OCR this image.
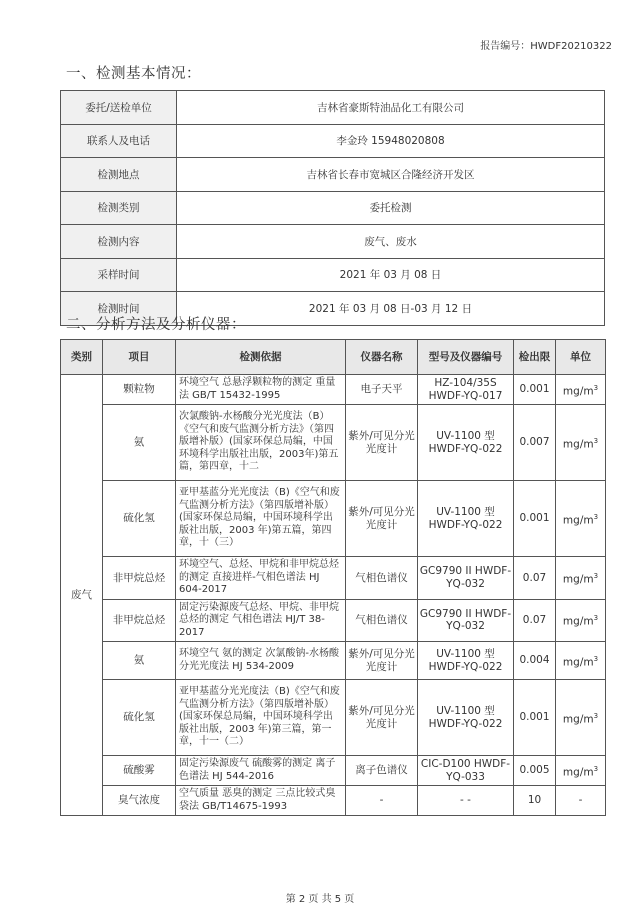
报告编号：HWDF20210322
一、检测基本情况：
委托/送检单位	吉林省豪斯特油品化工有限公司
联系人及电话	李金玲 15948020808
检测地点	吉林省长春市宽城区合隆经济开发区
检测类别	委托检测
检测内容	废气、废水
采样时间	2021 年 03 月 08 日
检测时间	2021 年 03 月 08 日-03 月 12 日
二、分析方法及分析仪器：
类别	项目	检测依据	仪器名称	型号及仪器编号	检出限	单位
废气	颗粒物	环境空气 总悬浮颗粒物的测定 重量法 GB/T 15432-1995	电子天平	HZ-104/35S HWDF-YQ-017	0.001	$mg/m^3$
	氨	次氯酸钠-水杨酸分光光度法（B）《空气和废气监测分析方法》（第四版增补版）(国家环保总局编，中国环境科学出版社出版，2003年)第五篇，第四章，十二	紫外/可见分光光度计	UV-1100 型 HWDF-YQ-022	0.007	$mg/m^3$
	硫化氢	亚甲基蓝分光光度法（B)《空气和废气监测分析方法》（第四版增补版）(国家环保总局编，中国环境科学出版社出版，2003 年)第五篇，第四章，十（三）	紫外/可见分光光度计	UV-1100 型 HWDF-YQ-022	0.001	$mg/m^3$
	非甲烷总烃	环境空气、总烃、甲烷和非甲烷总烃的测定 直接进样-气相色谱法 HJ 604-2017	气相色谱仪	GC9790 II HWDF-YQ-032	0.07	$mg/m^3$
	非甲烷总烃	固定污染源废气总烃、甲烷、非甲烷总烃的测定 气相色谱法 HJ/T 38-2017	气相色谱仪	GC9790 II HWDF-YQ-032	0.07	$mg/m^3$
	氨	环境空气 氨的测定 次氯酸钠-水杨酸分光光度法 HJ 534-2009	紫外/可见分光光度计	UV-1100 型 HWDF-YQ-022	0.004	$mg/m^3$
	硫化氢	亚甲基蓝分光光度法（B)《空气和废气监测分析方法》（第四版增补版）(国家环保总局编，中国环境科学出版社出版，2003 年)第三篇，第一章，十一（二）	紫外/可见分光光度计	UV-1100 型 HWDF-YQ-022	0.001	$mg/m^3$
	硫酸雾	固定污染源废气 硫酸雾的测定 离子色谱法 HJ 544-2016	离子色谱仪	CIC-D100 HWDF-YQ-033	0.005	$mg/m^3$
	臭气浓度	空气质量 恶臭的测定 三点比较式臭袋法 GB/T14675-1993	-	- -	10	-
第 2 页 共 5 页
